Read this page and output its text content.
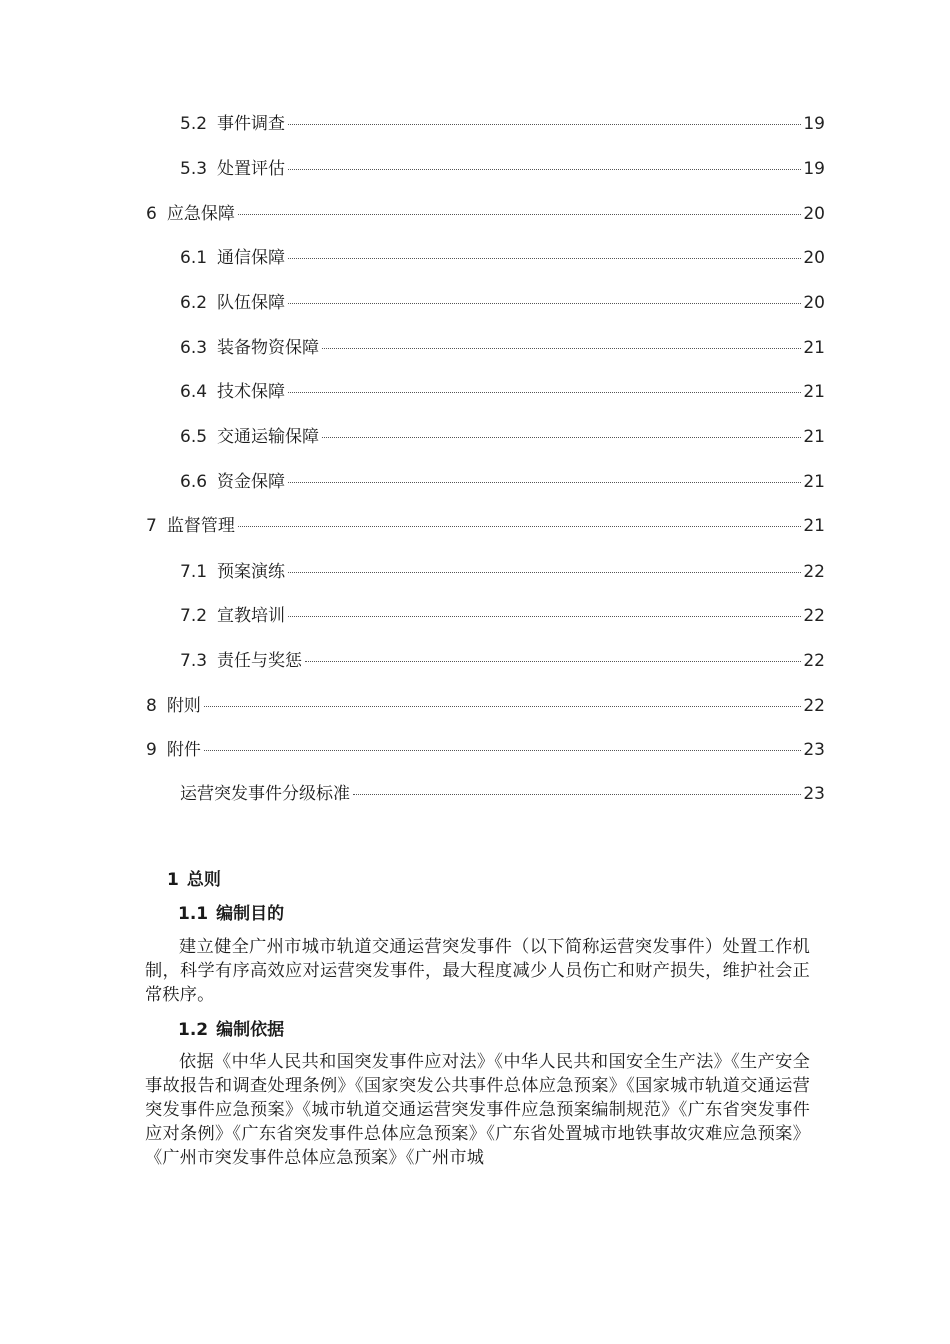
5.2 事件调查	19
5.3 处置评估	19
6 应急保障	20
6.1 通信保障	20
6.2 队伍保障	20
6.3 装备物资保障	21
6.4 技术保障	21
6.5 交通运输保障	21
6.6 资金保障	21
7 监督管理	21
7.1 预案演练	22
7.2 宣教培训	22
7.3 责任与奖惩	22
8 附则	22
9 附件	23
运营突发事件分级标准	23
1 总则
1.1 编制目的
建立健全广州市城市轨道交通运营突发事件（以下简称运营突发事件）处置工作机制，科学有序高效应对运营突发事件，最大程度减少人员伤亡和财产损失，维护社会正常秩序。
1.2 编制依据
依据《中华人民共和国突发事件应对法》《中华人民共和国安全生产法》《生产安全事故报告和调查处理条例》《国家突发公共事件总体应急预案》《国家城市轨道交通运营突发事件应急预案》《城市轨道交通运营突发事件应急预案编制规范》《广东省突发事件应对条例》《广东省突发事件总体应急预案》《广东省处置城市地铁事故灾难应急预案》《广州市突发事件总体应急预案》《广州市城
